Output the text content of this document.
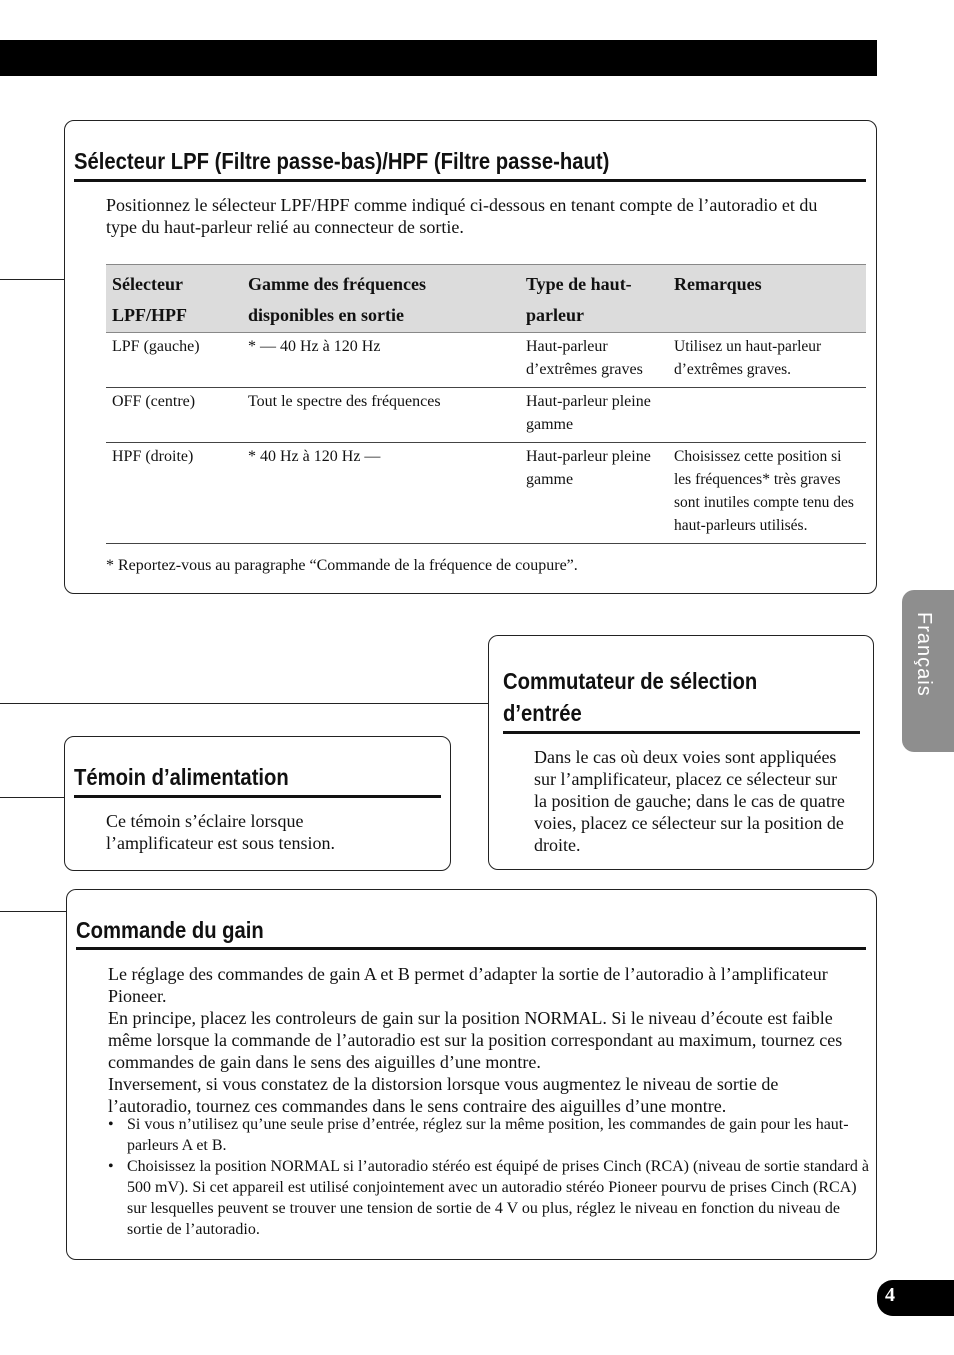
Sélecteur LPF (Filtre passe-bas)/HPF (Filtre passe-haut)

Positionnez le sélecteur LPF/HPF comme indiqué ci-dessous en tenant compte de l’autoradio et du type du haut-parleur relié au connecteur de sortie.

Sélecteur LPF/HPF	Gamme des fréquences disponibles en sortie	Type de haut-parleur	Remarques
LPF (gauche)	* — 40 Hz à 120 Hz	Haut-parleur d’extrêmes graves	Utilisez un haut-parleur d’extrêmes graves.
OFF (centre)	Tout le spectre des fréquences	Haut-parleur pleine gamme	
HPF (droite)	* 40 Hz à 120 Hz —	Haut-parleur pleine gamme	Choisissez cette position si les fréquences* très graves sont inutiles compte tenu des haut-parleurs utilisés.
* Reportez-vous au paragraphe “Commande de la fréquence de coupure”.
Commutateur de sélection
d’entrée

Dans le cas où deux voies sont appliquées sur l’amplificateur, placez ce sélecteur sur la position de gauche; dans le cas de quatre voies, placez ce sélecteur sur la position de droite.

Témoin d’alimentation

Ce témoin s’éclaire lorsque l’amplificateur est sous tension.

Commande du gain

Le réglage des commandes de gain A et B permet d’adapter la sortie de l’autoradio à l’amplificateur Pioneer.

En principe, placez les controleurs de gain sur la position NORMAL. Si le niveau d’écoute est faible même lorsque la commande de l’autoradio est sur la position correspondant au maximum, tournez ces commandes de gain dans le sens des aiguilles d’une montre.

Inversement, si vous constatez de la distorsion lorsque vous augmentez le niveau de sortie de l’autoradio, tournez ces commandes dans le sens contraire des aiguilles d’une montre.

• Si vous n’utilisez qu’une seule prise d’entrée, réglez sur la même position, les commandes de gain pour les haut-parleurs A et B.
• Choisissez la position NORMAL si l’autoradio stéréo est équipé de prises Cinch (RCA) (niveau de sortie standard à 500 mV). Si cet appareil est utilisé conjointement avec un autoradio stéréo Pioneer pourvu de prises Cinch (RCA) sur lesquelles peuvent se trouver une tension de sortie de 4 V ou plus, réglez le niveau en fonction du niveau de sortie de l’autoradio.
Français
4
